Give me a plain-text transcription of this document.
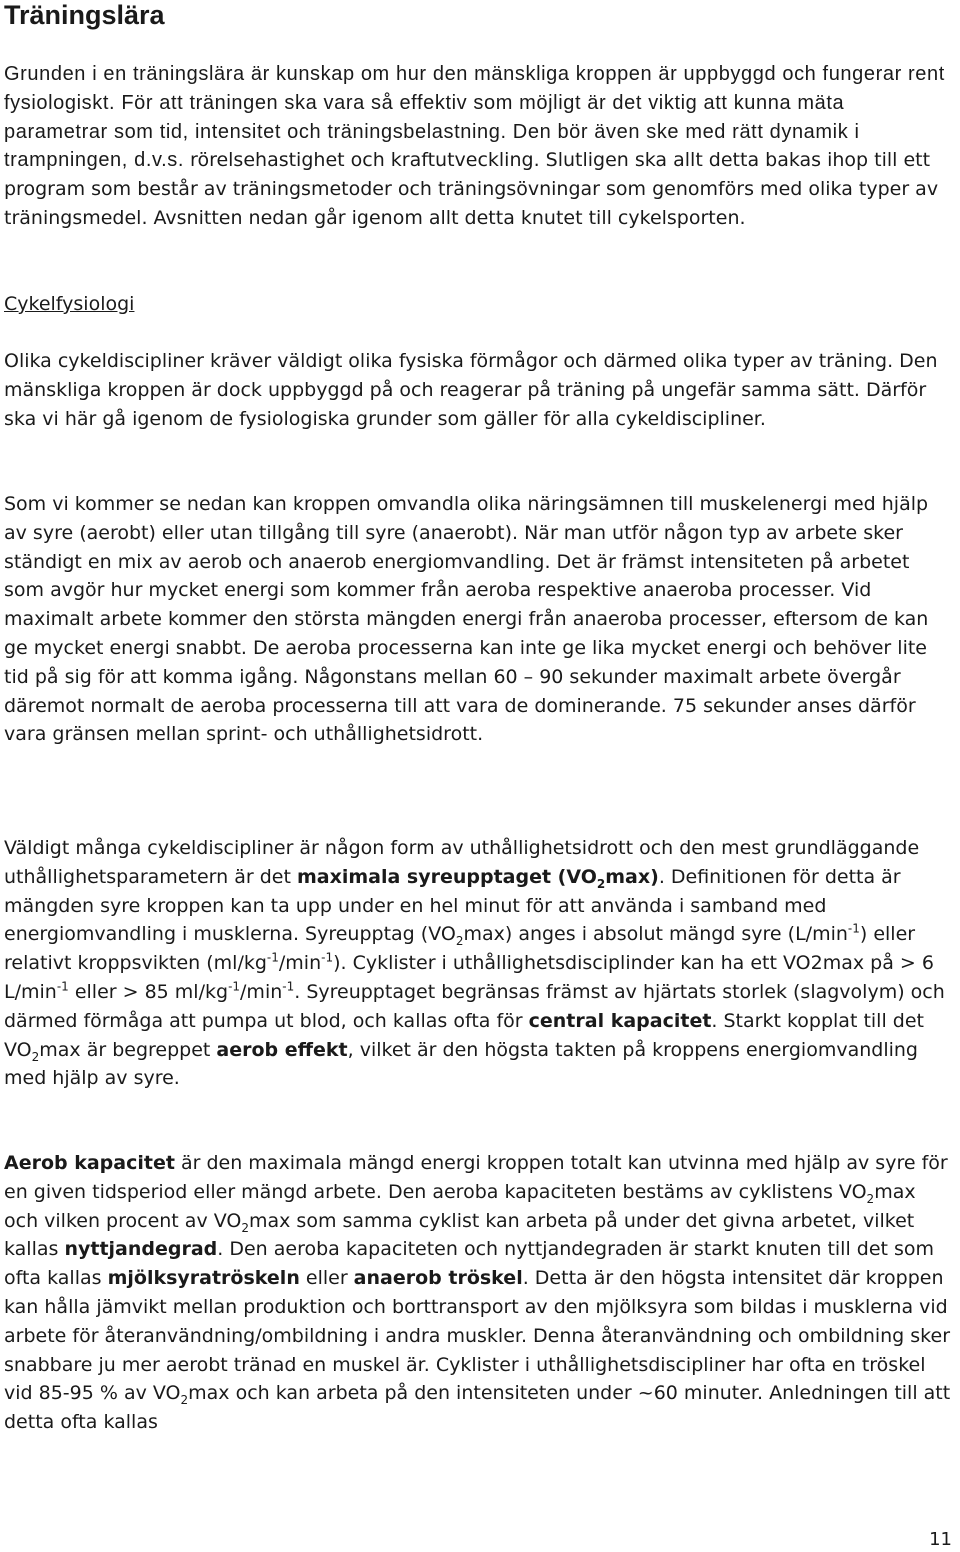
Träningslära

Grunden i en träningslära är kunskap om hur den mänskliga kroppen är uppbyggd och fungerar rent fysiologiskt. För att träningen ska vara så effektiv som möjligt är det viktig att kunna mäta parametrar som tid, intensitet och träningsbelastning. Den bör även ske med rätt dynamik i trampningen, d.v.s. rörelsehastighet och kraftutveckling. Slutligen ska allt detta bakas ihop till ett program som består av träningsmetoder och träningsövningar som genomförs med olika typer av träningsmedel. Avsnitten nedan går igenom allt detta knutet till cykelsporten.

Cykelfysiologi

Olika cykeldiscipliner kräver väldigt olika fysiska förmågor och därmed olika typer av träning. Den mänskliga kroppen är dock uppbyggd på och reagerar på träning på ungefär samma sätt. Därför ska vi här gå igenom de fysiologiska grunder som gäller för alla cykeldiscipliner.

Som vi kommer se nedan kan kroppen omvandla olika näringsämnen till muskelenergi med hjälp av syre (aerobt) eller utan tillgång till syre (anaerobt). När man utför någon typ av arbete sker ständigt en mix av aerob och anaerob energiomvandling. Det är främst intensiteten på arbetet som avgör hur mycket energi som kommer från aeroba respektive anaeroba processer. Vid maximalt arbete kommer den största mängden energi från anaeroba processer, eftersom de kan ge mycket energi snabbt. De aeroba processerna kan inte ge lika mycket energi och behöver lite tid på sig för att komma igång. Någonstans mellan 60 – 90 sekunder maximalt arbete övergår däremot normalt de aeroba processerna till att vara de dominerande. 75 sekunder anses därför vara gränsen mellan sprint- och uthållighetsidrott.

Väldigt många cykeldiscipliner är någon form av uthållighetsidrott och den mest grundläggande uthållighetsparametern är det maximala syreupptaget $(VO_2\max)$. Definitionen för detta är mängden syre kroppen kan ta upp under en hel minut för att använda i samband med energiomvandling i musklerna. Syreupptag $(VO_2\max)$ anges i absolut mängd syre $(L/\min^{-1})$ eller relativt kroppsvikten $(ml/kg^{-1}/\min^{-1})$. Cyklister i uthållighetsdisciplinder kan ha ett VO2max på > 6 $L/\min^{-1}$ eller > 85 $ml/kg^{-1}/\min^{-1}$. Syreupptaget begränsas främst av hjärtats storlek (slagvolym) och därmed förmåga att pumpa ut blod, och kallas ofta för central kapacitet. Starkt kopplat till $\det VO_2\max$ är begreppet aerob effekt, vilket är den högsta takten på kroppens energiomvandling med hjälp av syre.

Aerob kapacitet är den maximala mängd energi kroppen totalt kan utvinna med hjälp av syre för en given tidsperiod eller mängd arbete. Den aeroba kapaciteten bestäms av cyklistens $VO_2\max$ och vilken procent av $VO_2\max$ som samma cyklist kan arbeta på under det givna arbetet, vilket kallas nyttjandegrad. Den aeroba kapaciteten och nyttjandegraden är starkt knuten till det som ofta kallas mjölksyratröskeln eller anaerob tröskel. Detta är den högsta intensitet där kroppen kan hålla jämvikt mellan produktion och borttransport av den mjölksyra som bildas i musklerna vid arbete för återanvändning/ombildning i andra muskler. Denna återanvändning och ombildning sker snabbare ju mer aerobt tränad en muskel är. Cyklister i uthållighetsdiscipliner har ofta en tröskel vid 85-95 % av $VO_2\max$ och kan arbeta på den intensiteten under ~60 minuter. Anledningen till att detta ofta kallas

11
